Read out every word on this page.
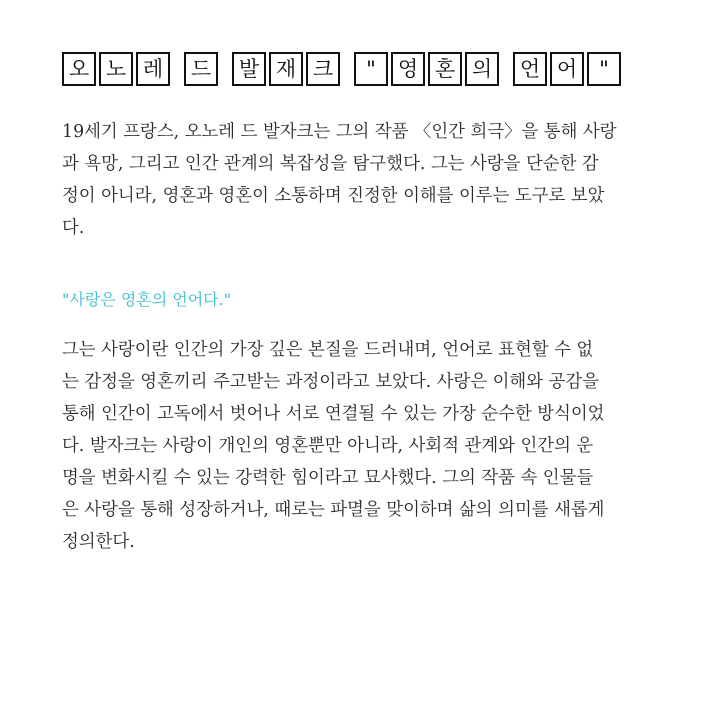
오 노 레	드	발 재 크	"	영 혼 의	언 어	"
19세기 프랑스, 오노레 드 발자크는 그의 작품 〈인간 희극〉을 통해 사랑
과 욕망, 그리고 인간 관계의 복잡성을 탐구했다. 그는 사랑을 단순한 감
정이 아니라, 영혼과 영혼이 소통하며 진정한 이해를 이루는 도구로 보았
다.
"사랑은 영혼의 언어다."
그는 사랑이란 인간의 가장 깊은 본질을 드러내며, 언어로 표현할 수 없
는 감정을 영혼끼리 주고받는 과정이라고 보았다. 사랑은 이해와 공감을
통해 인간이 고독에서 벗어나 서로 연결될 수 있는 가장 순수한 방식이었
다. 발자크는 사랑이 개인의 영혼뿐만 아니라, 사회적 관계와 인간의 운
명을 변화시킬 수 있는 강력한 힘이라고 묘사했다. 그의 작품 속 인물들
은 사랑을 통해 성장하거나, 때로는 파멸을 맞이하며 삶의 의미를 새롭게
정의한다.
